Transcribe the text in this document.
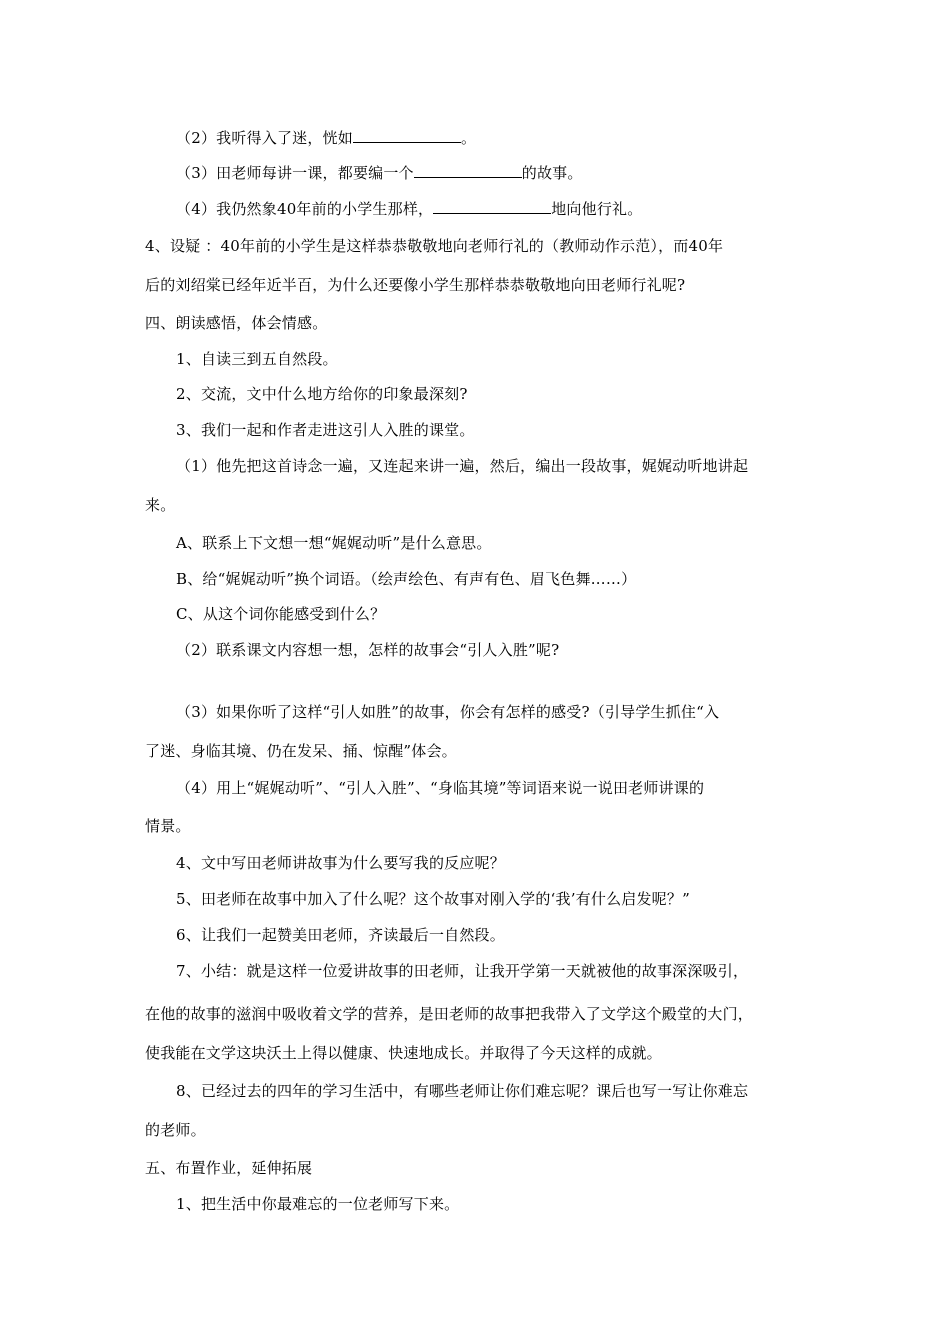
（2）我听得入了迷，恍如	。
（3）田老师每讲一课，都要编一个	的故事。
（4）我仍然象40年前的小学生那样，	地向他行礼。
4、设疑 ：40年前的小学生是这样恭恭敬敬地向老师行礼的（教师动作示范），而40年
后的刘绍棠已经年近半百，为什么还要像小学生那样恭恭敬敬地向田老师行礼呢?
四、朗读感悟，体会情感。
1、自读三到五自然段。
2、交流，文中什么地方给你的印象最深刻?
3、我们一起和作者走进这引人入胜的课堂。
（1）他先把这首诗念一遍，又连起来讲一遍，然后，编出一段故事，娓娓动听地讲起
来。
A、联系上下文想一想“娓娓动听”是什么意思。
B、给“娓娓动听”换个词语。（绘声绘色、有声有色、眉飞色舞……）
C、从这个词你能感受到什么？
（2）联系课文内容想一想，怎样的故事会“引人入胜”呢?
（3）如果你听了这样“引人如胜”的故事，你会有怎样的感受?（引导学生抓住“入
了迷、身临其境、仍在发呆、捅、惊醒”体会。
（4）用上“娓娓动听”、“引人入胜”、“身临其境”等词语来说一说田老师讲课的
情景。
4、文中写田老师讲故事为什么要写我的反应呢？
5、田老师在故事中加入了什么呢？这个故事对刚入学的‘我’有什么启发呢？”
6、让我们一起赞美田老师，齐读最后一自然段。
7、小结：就是这样一位爱讲故事的田老师，让我开学第一天就被他的故事深深吸引，
在他的故事的滋润中吸收着文学的营养，是田老师的故事把我带入了文学这个殿堂的大门，
使我能在文学这块沃土上得以健康、快速地成长。并取得了今天这样的成就。
8、已经过去的四年的学习生活中，有哪些老师让你们难忘呢？课后也写一写让你难忘
的老师。
五、布置作业，延伸拓展
1、把生活中你最难忘的一位老师写下来。
